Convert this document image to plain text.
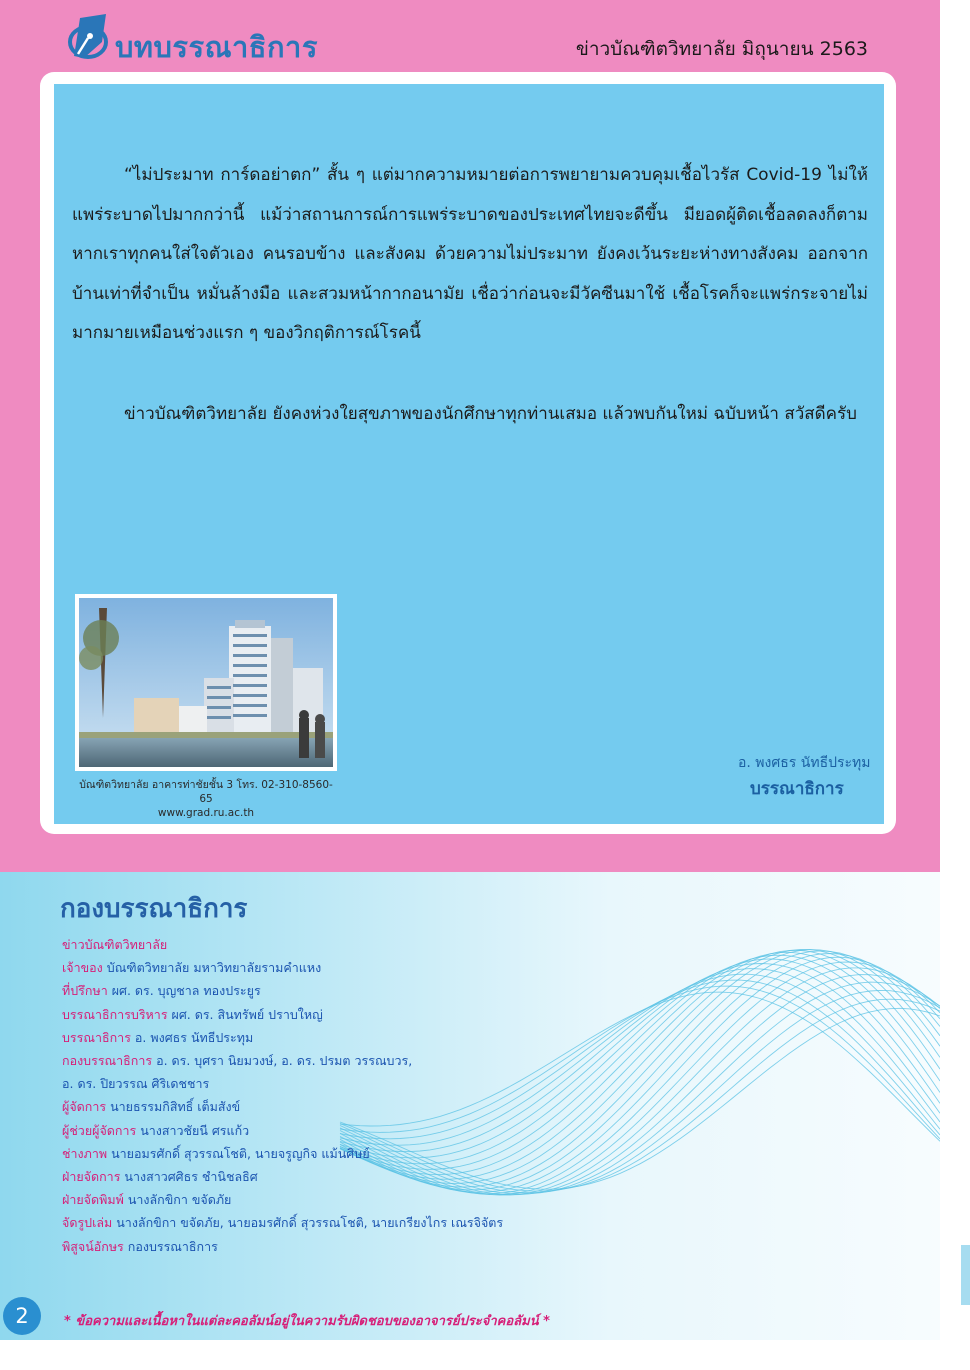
บทบรรณาธิการ	ข่าวบัณฑิตวิทยาลัย มิถุนายน 2563
“ไม่ประมาท การ์ดอย่าตก” สั้น ๆ แต่มากความหมายต่อการพยายามควบคุมเชื้อไวรัส Covid-19 ไม่ให้แพร่ระบาดไปมากกว่านี้ แม้ว่าสถานการณ์การแพร่ระบาดของประเทศไทยจะดีขึ้น มียอดผู้ติดเชื้อลดลงก็ตาม หากเราทุกคนใส่ใจตัวเอง คนรอบข้าง และสังคม ด้วยความไม่ประมาท ยังคงเว้นระยะห่างทางสังคม ออกจากบ้านเท่าที่จำเป็น หมั่นล้างมือ และสวมหน้ากากอนามัย เชื่อว่าก่อนจะมีวัคซีนมาใช้ เชื้อโรคก็จะแพร่กระจายไม่มากมายเหมือนช่วงแรก ๆ ของวิกฤติการณ์โรคนี้
ข่าวบัณฑิตวิทยาลัย ยังคงห่วงใยสุขภาพของนักศึกษาทุกท่านเสมอ แล้วพบกันใหม่ ฉบับหน้า สวัสดีครับ
บัณฑิตวิทยาลัย อาคารท่าชัยชั้น 3 โทร. 02-310-8560-65
www.grad.ru.ac.th
อ. พงศธร นัทธีประทุม
บรรณาธิการ
กองบรรณาธิการ
ข่าวบัณฑิตวิทยาลัย
เจ้าของ บัณฑิตวิทยาลัย มหาวิทยาลัยรามคำแหง
ที่ปรึกษา ผศ. ดร. บุญชาล ทองประยูร
บรรณาธิการบริหาร ผศ. ดร. สินทรัพย์ ปราบใหญ่
บรรณาธิการ อ. พงศธร นัทธีประทุม
กองบรรณาธิการ อ. ดร. บุศรา นิยมวงษ์, อ. ดร. ปรมต วรรณบวร,
อ. ดร. ปิยวรรณ ศิริเดชชาร
ผู้จัดการ นายธรรมกิสิทธิ์ เต็มสังข์
ผู้ช่วยผู้จัดการ นางสาวชัยนี ศรแก้ว
ช่างภาพ นายอมรศักดิ์ สุวรรณโชติ, นายจรูญกิจ แม้นศิษย์
ฝ่ายจัดการ นางสาวศศิธร ชำนิชลธิศ
ฝ่ายจัดพิมพ์ นางลักขิกา ขจัดภัย
จัดรูปเล่ม นางลักขิกา ขจัดภัย, นายอมรศักดิ์ สุวรรณโชติ, นายเกรียงไกร เณรจิจัตร
พิสูจน์อักษร กองบรรณาธิการ
2	* ข้อความและเนื้อหาในแต่ละคอลัมน์อยู่ในความรับผิดชอบของอาจารย์ประจำคอลัมน์ *
